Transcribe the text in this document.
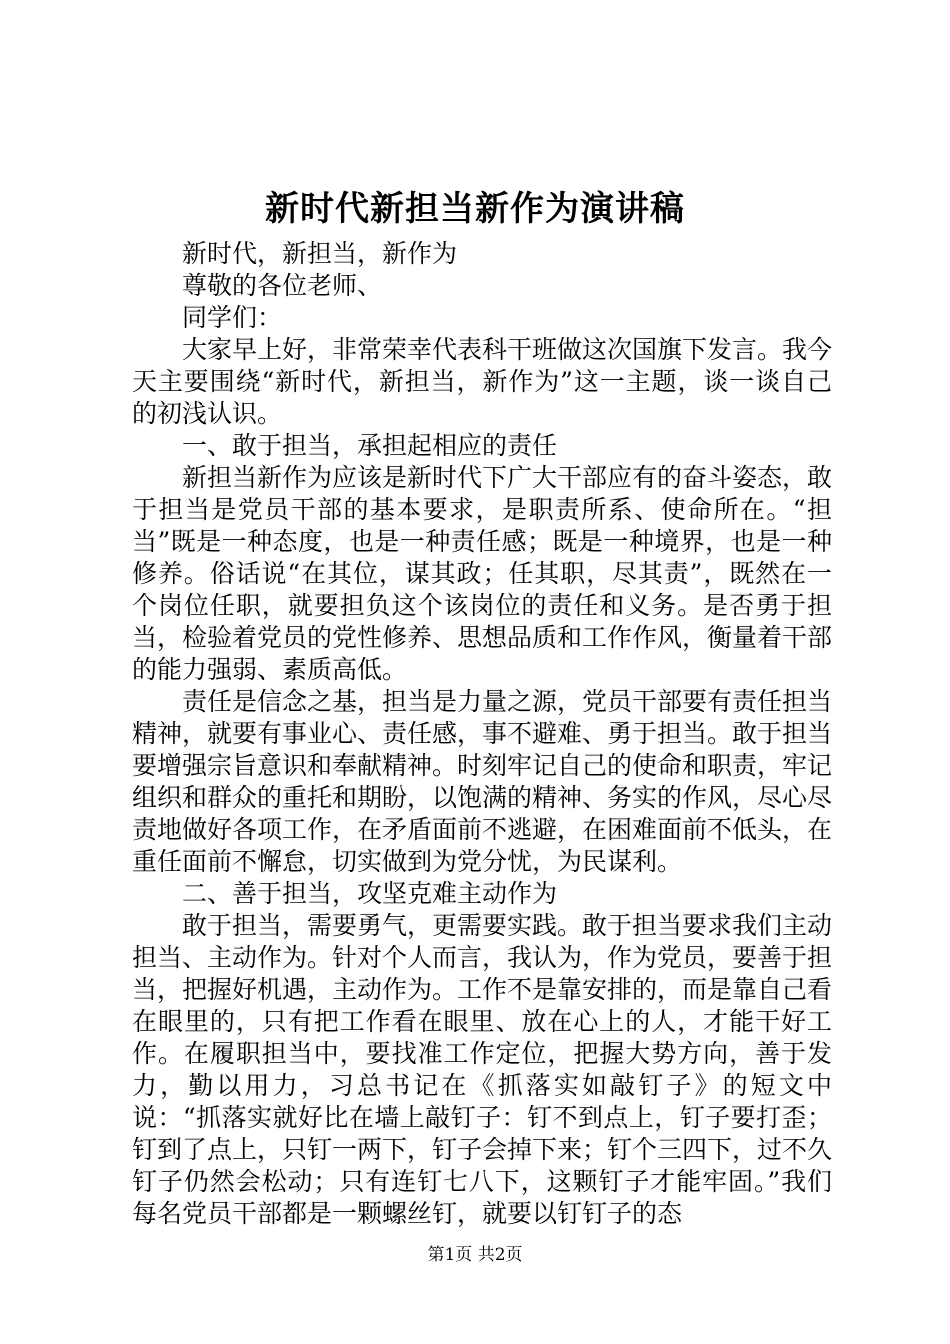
新时代新担当新作为演讲稿

新时代，新担当，新作为

尊敬的各位老师、

同学们：

大家早上好，非常荣幸代表科干班做这次国旗下发言。我今天主要围绕“新时代，新担当，新作为”这一主题，谈一谈自己的初浅认识。

一、敢于担当，承担起相应的责任

新担当新作为应该是新时代下广大干部应有的奋斗姿态，敢于担当是党员干部的基本要求，是职责所系、使命所在。“担当”既是一种态度，也是一种责任感；既是一种境界，也是一种修养。俗话说“在其位，谋其政；任其职，尽其责”，既然在一个岗位任职，就要担负这个该岗位的责任和义务。是否勇于担当，检验着党员的党性修养、思想品质和工作作风，衡量着干部的能力强弱、素质高低。

责任是信念之基，担当是力量之源，党员干部要有责任担当精神，就要有事业心、责任感，事不避难、勇于担当。敢于担当要增强宗旨意识和奉献精神。时刻牢记自己的使命和职责，牢记组织和群众的重托和期盼，以饱满的精神、务实的作风，尽心尽责地做好各项工作，在矛盾面前不逃避，在困难面前不低头，在重任面前不懈怠，切实做到为党分忧，为民谋利。

二、善于担当，攻坚克难主动作为

敢于担当，需要勇气，更需要实践。敢于担当要求我们主动担当、主动作为。针对个人而言，我认为，作为党员，要善于担当，把握好机遇，主动作为。工作不是靠安排的，而是靠自己看在眼里的，只有把工作看在眼里、放在心上的人，才能干好工作。在履职担当中，要找准工作定位，把握大势方向，善于发力，勤以用力，习总书记在《抓落实如敲钉子》的短文中说：“抓落实就好比在墙上敲钉子：钉不到点上，钉子要打歪；钉到了点上，只钉一两下，钉子会掉下来；钉个三四下，过不久钉子仍然会松动；只有连钉七八下，这颗钉子才能牢固。”我们每名党员干部都是一颗螺丝钉，就要以钉钉子的态

第1页 共2页
